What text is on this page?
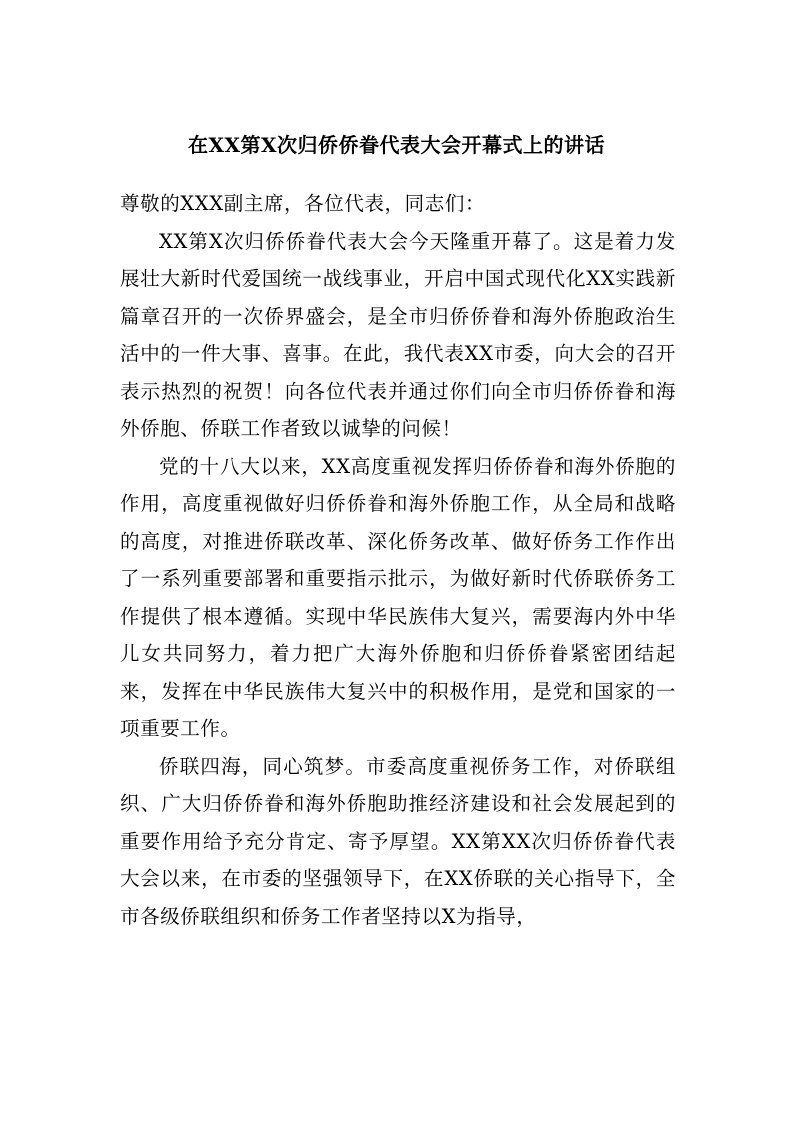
在XX第X次归侨侨眷代表大会开幕式上的讲话

尊敬的XXX副主席，各位代表，同志们：

XX第X次归侨侨眷代表大会今天隆重开幕了。这是着力发展壮大新时代爱国统一战线事业，开启中国式现代化XX实践新篇章召开的一次侨界盛会，是全市归侨侨眷和海外侨胞政治生活中的一件大事、喜事。在此，我代表XX市委，向大会的召开表示热烈的祝贺！向各位代表并通过你们向全市归侨侨眷和海外侨胞、侨联工作者致以诚挚的问候！

党的十八大以来，XX高度重视发挥归侨侨眷和海外侨胞的作用，高度重视做好归侨侨眷和海外侨胞工作，从全局和战略的高度，对推进侨联改革、深化侨务改革、做好侨务工作作出了一系列重要部署和重要指示批示，为做好新时代侨联侨务工作提供了根本遵循。实现中华民族伟大复兴，需要海内外中华儿女共同努力，着力把广大海外侨胞和归侨侨眷紧密团结起来，发挥在中华民族伟大复兴中的积极作用，是党和国家的一项重要工作。

侨联四海，同心筑梦。市委高度重视侨务工作，对侨联组织、广大归侨侨眷和海外侨胞助推经济建设和社会发展起到的重要作用给予充分肯定、寄予厚望。XX第XX次归侨侨眷代表大会以来，在市委的坚强领导下，在XX侨联的关心指导下，全市各级侨联组织和侨务工作者坚持以X为指导，
